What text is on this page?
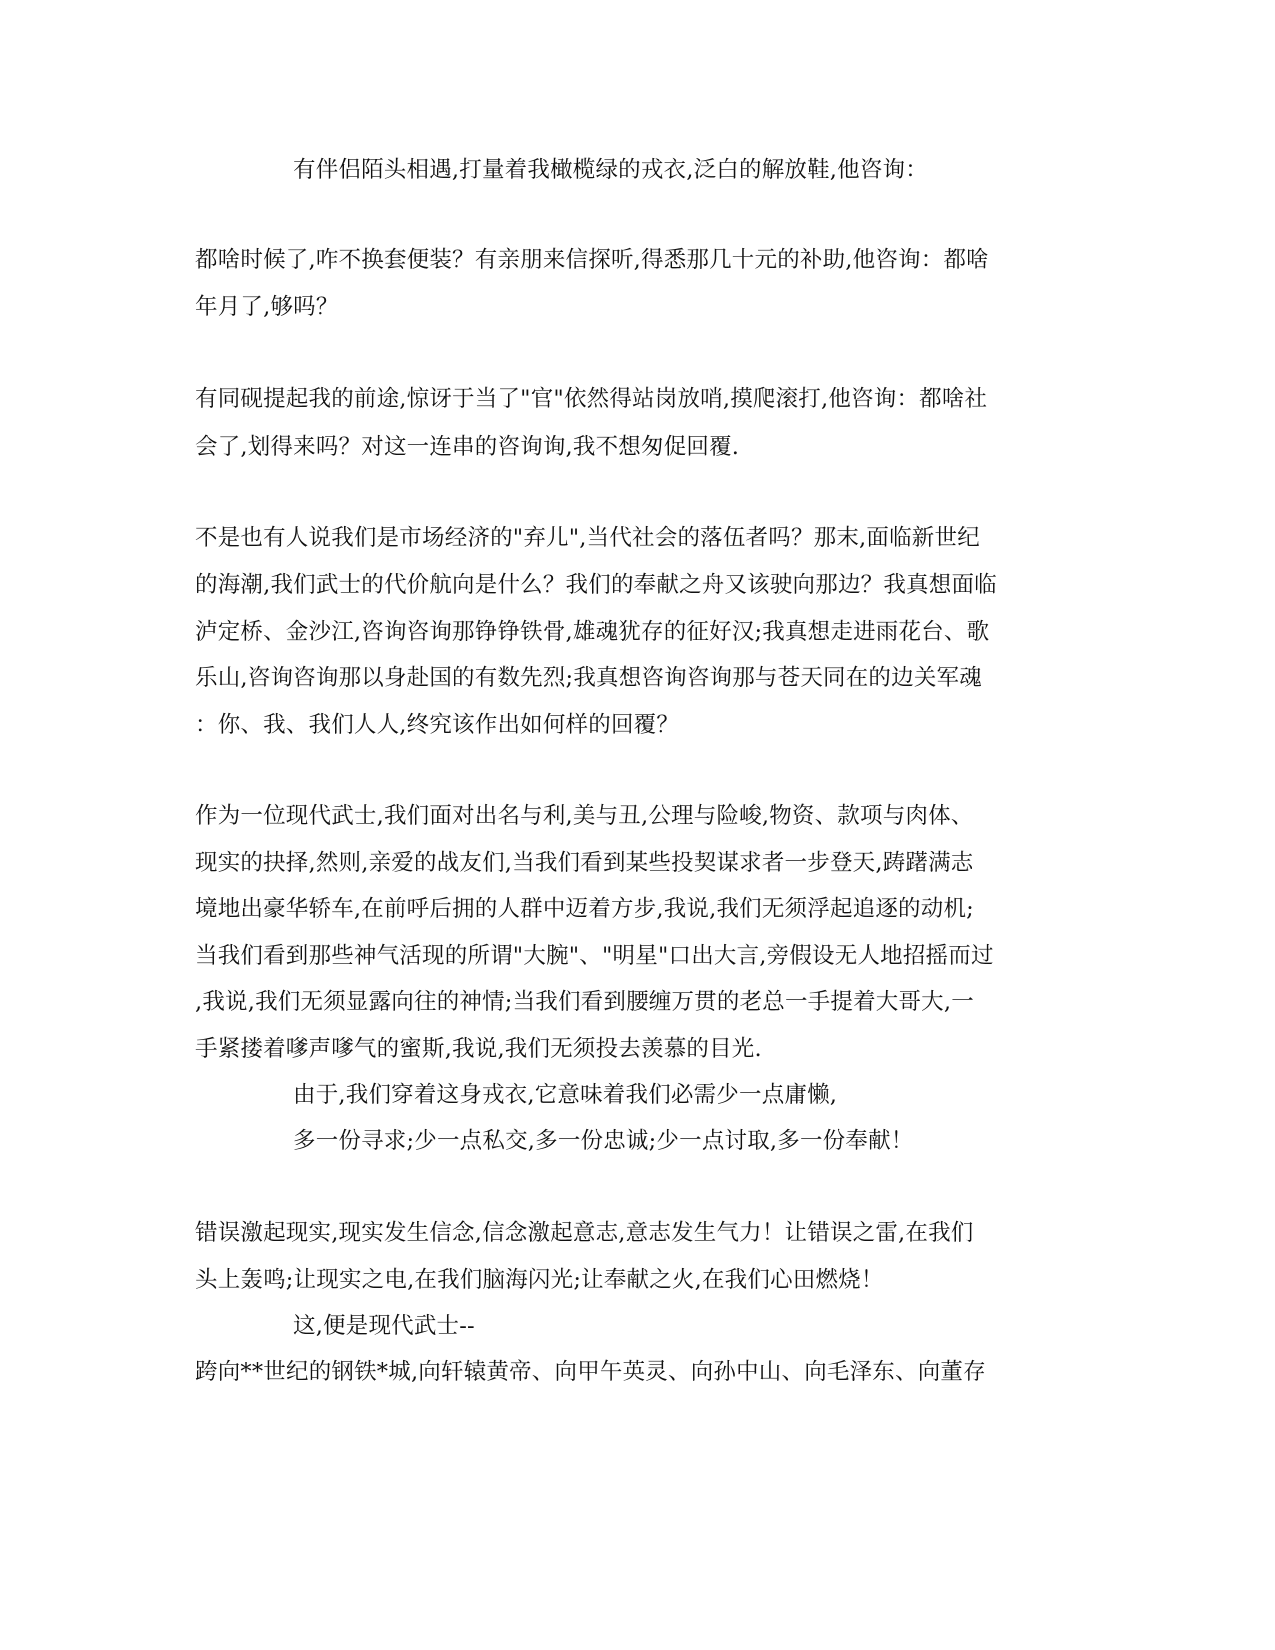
有伴侣陌头相遇,打量着我橄榄绿的戎衣,泛白的解放鞋,他咨询：
都啥时候了,咋不换套便装？有亲朋来信探听,得悉那几十元的补助,他咨询：都啥
年月了,够吗？
有同砚提起我的前途,惊讶于当了"官"依然得站岗放哨,摸爬滚打,他咨询：都啥社
会了,划得来吗？对这一连串的咨询询,我不想匆促回覆.
不是也有人说我们是市场经济的"弃儿",当代社会的落伍者吗？那末,面临新世纪
的海潮,我们武士的代价航向是什么？我们的奉献之舟又该驶向那边？我真想面临
泸定桥、金沙江,咨询咨询那铮铮铁骨,雄魂犹存的征好汉;我真想走进雨花台、歌
乐山,咨询咨询那以身赴国的有数先烈;我真想咨询咨询那与苍天同在的边关军魂
：你、我、我们人人,终究该作出如何样的回覆？
作为一位现代武士,我们面对出名与利,美与丑,公理与险峻,物资、款项与肉体、
现实的抉择,然则,亲爱的战友们,当我们看到某些投契谋求者一步登天,踌躇满志
境地出豪华轿车,在前呼后拥的人群中迈着方步,我说,我们无须浮起追逐的动机;
当我们看到那些神气活现的所谓"大腕"、"明星"口出大言,旁假设无人地招摇而过
,我说,我们无须显露向往的神情;当我们看到腰缠万贯的老总一手提着大哥大,一
手紧搂着嗲声嗲气的蜜斯,我说,我们无须投去羡慕的目光.
由于,我们穿着这身戎衣,它意味着我们必需少一点庸懒,
多一份寻求;少一点私交,多一份忠诚;少一点讨取,多一份奉献！
错误激起现实,现实发生信念,信念激起意志,意志发生气力！让错误之雷,在我们
头上轰鸣;让现实之电,在我们脑海闪光;让奉献之火,在我们心田燃烧！
这,便是现代武士--
跨向**世纪的钢铁*城,向轩辕黄帝、向甲午英灵、向孙中山、向毛泽东、向董存
